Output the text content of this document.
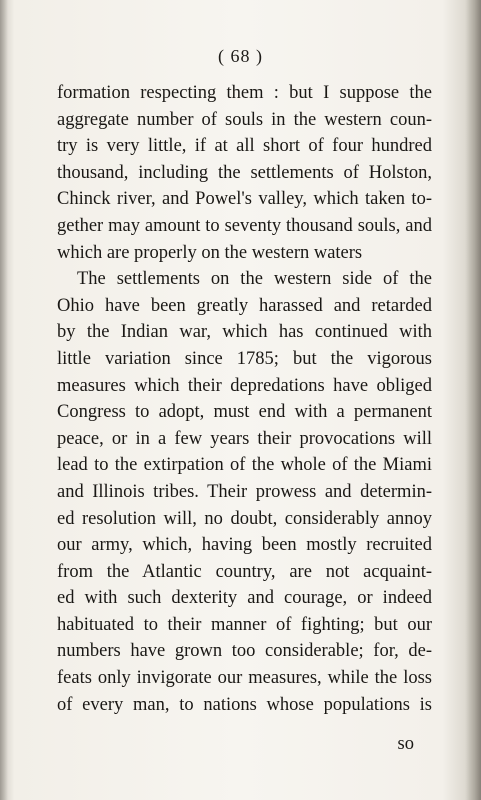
( 68 )
formation respecting them : but I suppose the
aggregate number of souls in the western coun-
try is very little, if at all short of four hundred
thousand, including the settlements of Holston,
Chinck river, and Powel's valley, which taken to-
gether may amount to seventy thousand souls, and
which are properly on the western waters
The settlements on the western side of the
Ohio have been greatly harassed and retarded
by the Indian war, which has continued with
little variation since 1785; but the vigorous
measures which their depredations have obliged
Congress to adopt, must end with a permanent
peace, or in a few years their provocations will
lead to the extirpation of the whole of the Miami
and Illinois tribes. Their prowess and determin-
ed resolution will, no doubt, considerably annoy
our army, which, having been mostly recruited
from the Atlantic country, are not acquaint-
ed with such dexterity and courage, or indeed
habituated to their manner of fighting; but our
numbers have grown too considerable; for, de-
feats only invigorate our measures, while the loss
of every man, to nations whose populations is
so
